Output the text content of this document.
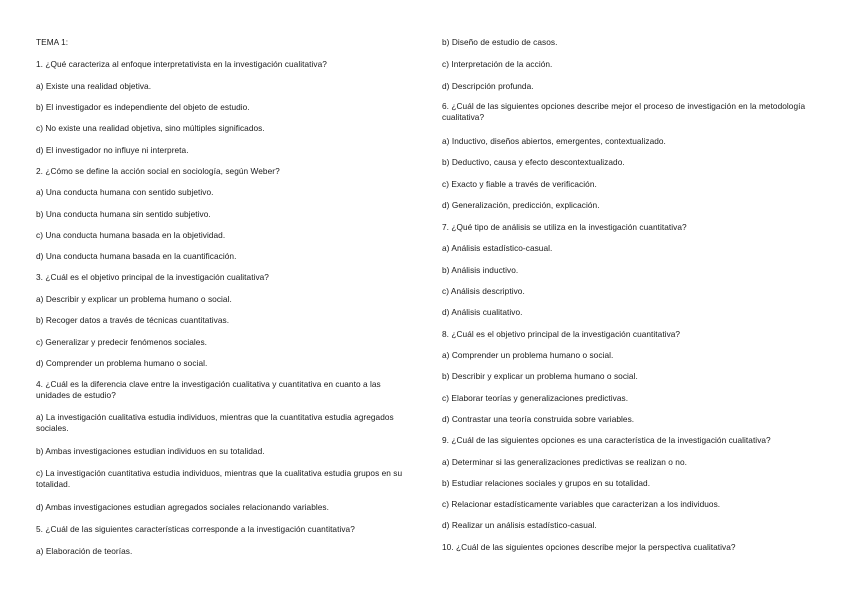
TEMA 1:
1. ¿Qué caracteriza al enfoque interpretativista en la investigación cualitativa?
a) Existe una realidad objetiva.
b) El investigador es independiente del objeto de estudio.
c) No existe una realidad objetiva, sino múltiples significados.
d) El investigador no influye ni interpreta.
2. ¿Cómo se define la acción social en sociología, según Weber?
a) Una conducta humana con sentido subjetivo.
b) Una conducta humana sin sentido subjetivo.
c) Una conducta humana basada en la objetividad.
d) Una conducta humana basada en la cuantificación.
3. ¿Cuál es el objetivo principal de la investigación cualitativa?
a) Describir y explicar un problema humano o social.
b) Recoger datos a través de técnicas cuantitativas.
c) Generalizar y predecir fenómenos sociales.
d) Comprender un problema humano o social.
4. ¿Cuál es la diferencia clave entre la investigación cualitativa y cuantitativa en cuanto a las unidades de estudio?
a) La investigación cualitativa estudia individuos, mientras que la cuantitativa estudia agregados sociales.
b) Ambas investigaciones estudian individuos en su totalidad.
c) La investigación cuantitativa estudia individuos, mientras que la cualitativa estudia grupos en su totalidad.
d) Ambas investigaciones estudian agregados sociales relacionando variables.
5. ¿Cuál de las siguientes características corresponde a la investigación cuantitativa?
a) Elaboración de teorías.
b) Diseño de estudio de casos.
c) Interpretación de la acción.
d) Descripción profunda.
6. ¿Cuál de las siguientes opciones describe mejor el proceso de investigación en la metodología cualitativa?
a) Inductivo, diseños abiertos, emergentes, contextualizado.
b) Deductivo, causa y efecto descontextualizado.
c) Exacto y fiable a través de verificación.
d) Generalización, predicción, explicación.
7. ¿Qué tipo de análisis se utiliza en la investigación cuantitativa?
a) Análisis estadístico-casual.
b) Análisis inductivo.
c) Análisis descriptivo.
d) Análisis cualitativo.
8. ¿Cuál es el objetivo principal de la investigación cuantitativa?
a) Comprender un problema humano o social.
b) Describir y explicar un problema humano o social.
c) Elaborar teorías y generalizaciones predictivas.
d) Contrastar una teoría construida sobre variables.
9. ¿Cuál de las siguientes opciones es una característica de la investigación cualitativa?
a) Determinar si las generalizaciones predictivas se realizan o no.
b) Estudiar relaciones sociales y grupos en su totalidad.
c) Relacionar estadísticamente variables que caracterizan a los individuos.
d) Realizar un análisis estadístico-casual.
10. ¿Cuál de las siguientes opciones describe mejor la perspectiva cualitativa?
